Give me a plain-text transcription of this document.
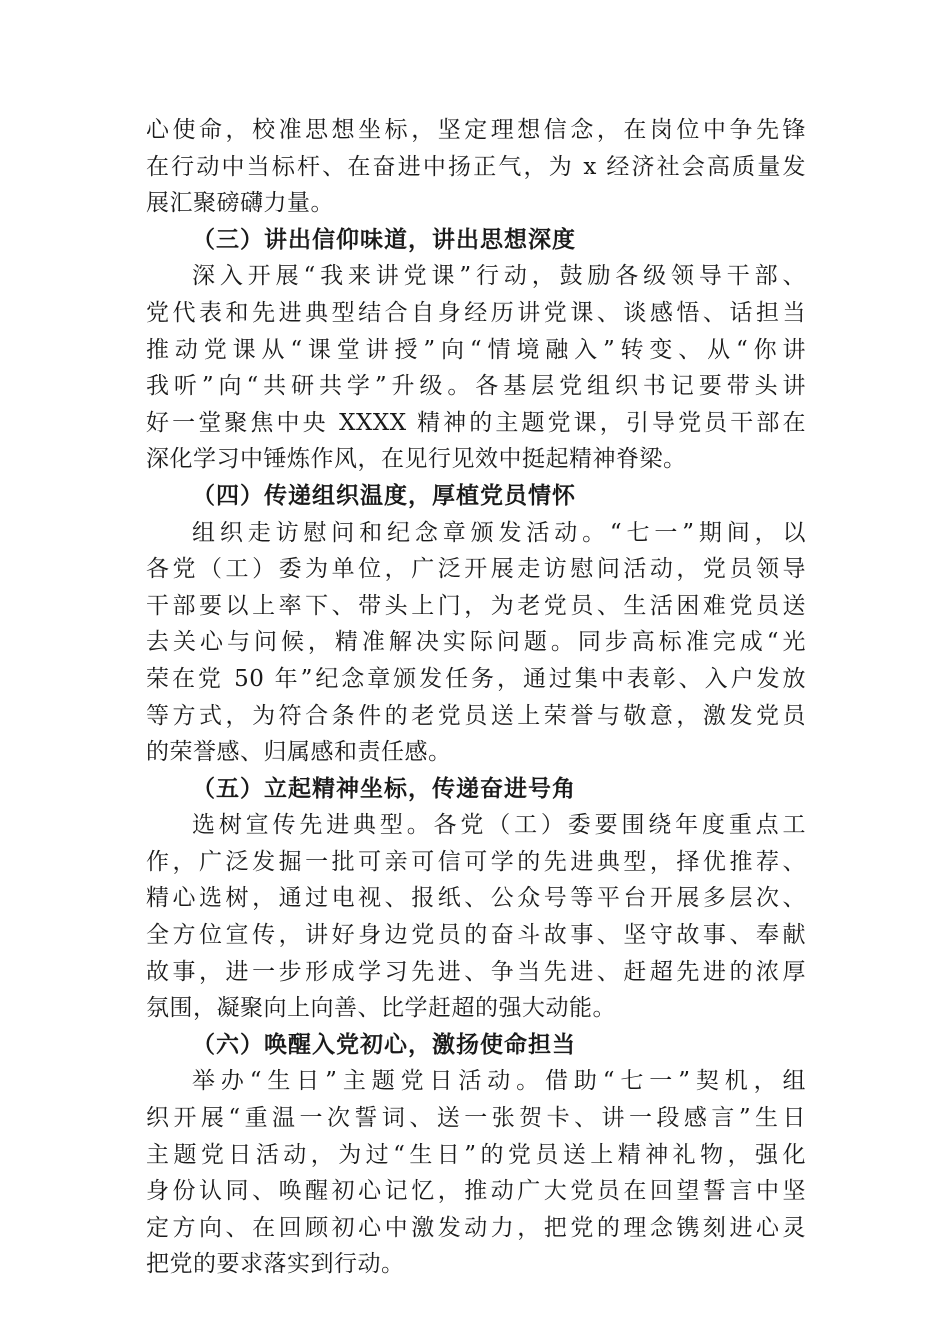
心使命，校准思想坐标，坚定理想信念，在岗位中争先锋
在行动中当标杆、在奋进中扬正气，为 x 经济社会高质量发
展汇聚磅礴力量。
（三）讲出信仰味道，讲出思想深度
深入开展“我来讲党课”行动，鼓励各级领导干部、
党代表和先进典型结合自身经历讲党课、谈感悟、话担当
推动党课从“课堂讲授”向“情境融入”转变、从“你讲
我听”向“共研共学”升级。各基层党组织书记要带头讲
好一堂聚焦中央 XXXX 精神的主题党课，引导党员干部在
深化学习中锤炼作风，在见行见效中挺起精神脊梁。
（四）传递组织温度，厚植党员情怀
组织走访慰问和纪念章颁发活动。“七一”期间，以
各党（工）委为单位，广泛开展走访慰问活动，党员领导
干部要以上率下、带头上门，为老党员、生活困难党员送
去关心与问候，精准解决实际问题。同步高标准完成“光
荣在党 50 年”纪念章颁发任务，通过集中表彰、入户发放
等方式，为符合条件的老党员送上荣誉与敬意，激发党员
的荣誉感、归属感和责任感。
（五）立起精神坐标，传递奋进号角
选树宣传先进典型。各党（工）委要围绕年度重点工
作，广泛发掘一批可亲可信可学的先进典型，择优推荐、
精心选树，通过电视、报纸、公众号等平台开展多层次、
全方位宣传，讲好身边党员的奋斗故事、坚守故事、奉献
故事，进一步形成学习先进、争当先进、赶超先进的浓厚
氛围，凝聚向上向善、比学赶超的强大动能。
（六）唤醒入党初心，激扬使命担当
举办“生日”主题党日活动。借助“七一”契机，组
织开展“重温一次誓词、送一张贺卡、讲一段感言”生日
主题党日活动，为过“生日”的党员送上精神礼物，强化
身份认同、唤醒初心记忆，推动广大党员在回望誓言中坚
定方向、在回顾初心中激发动力，把党的理念镌刻进心灵
把党的要求落实到行动。
